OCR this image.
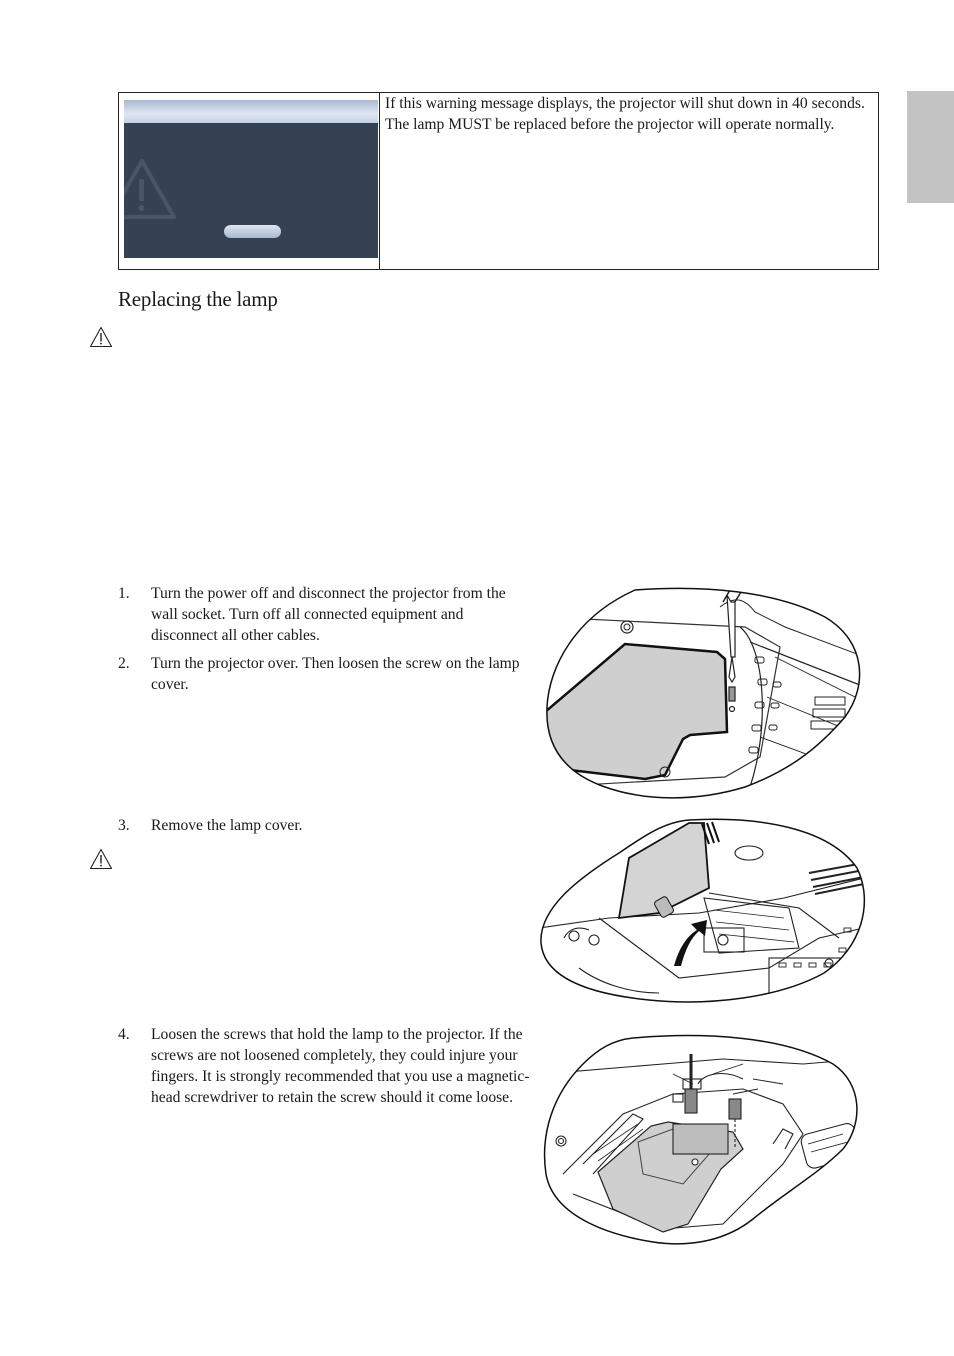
If this warning message displays, the projector will shut down in 40 seconds. The lamp MUST be replaced before the projector will operate normally.

Replacing the lamp
1. Turn the power off and disconnect the projector from the wall socket. Turn off all connected equipment and disconnect all other cables.

2. Turn the projector over. Then loosen the screw on the lamp cover.

3. Remove the lamp cover.

4. Loosen the screws that hold the lamp to the projector. If the screws are not loosened completely, they could injure your fingers. It is strongly recommended that you use a magnetic-head screwdriver to retain the screw should it come loose.
